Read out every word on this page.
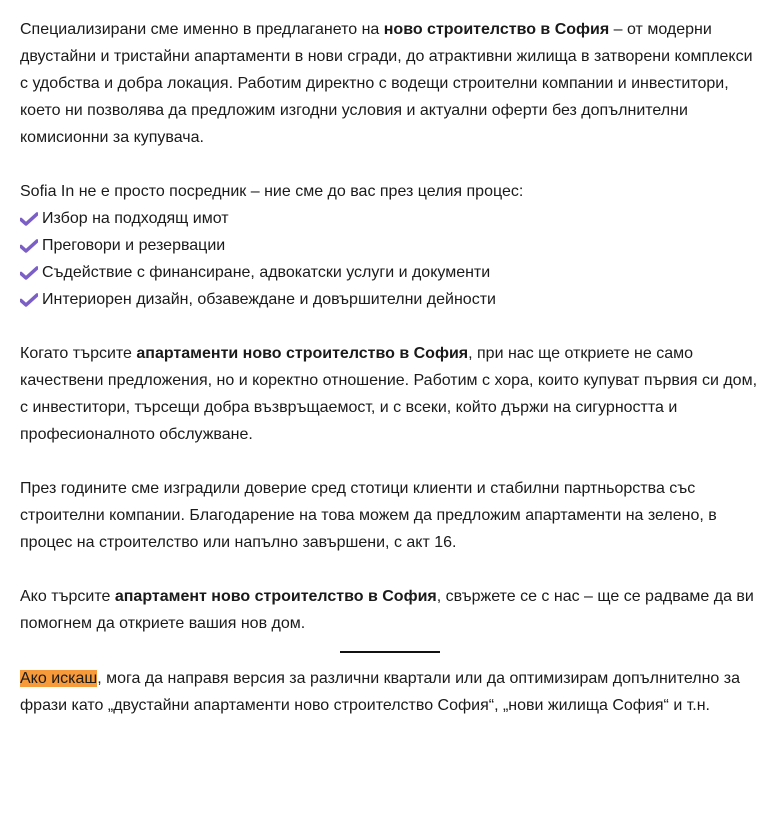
Специализирани сме именно в предлагането на ново строителство в София – от модерни двустайни и тристайни апартаменти в нови сгради, до атрактивни жилища в затворени комплекси с удобства и добра локация. Работим директно с водещи строителни компании и инвеститори, което ни позволява да предложим изгодни условия и актуални оферти без допълнителни комисионни за купувача.

Sofia In не е просто посредник – ние сме до вас през целия процес:

Избор на подходящ имот
Преговори и резервации
Съдействие с финансиране, адвокатски услуги и документи
Интериорен дизайн, обзавеждане и довършителни дейности

Когато търсите апартаменти ново строителство в София, при нас ще откриете не само качествени предложения, но и коректно отношение. Работим с хора, които купуват първия си дом, с инвеститори, търсещи добра възвръщаемост, и с всеки, който държи на сигурността и професионалното обслужване.

През годините сме изградили доверие сред стотици клиенти и стабилни партньорства със строителни компании. Благодарение на това можем да предложим апартаменти на зелено, в процес на строителство или напълно завършени, с акт 16.

Ако търсите апартамент ново строителство в София, свържете се с нас – ще се радваме да ви помогнем да откриете вашия нов дом.

Ако искаш, мога да направя версия за различни квартали или да оптимизирам допълнително за фрази като „двустайни апартаменти ново строителство София“, „нови жилища София“ и т.н.
